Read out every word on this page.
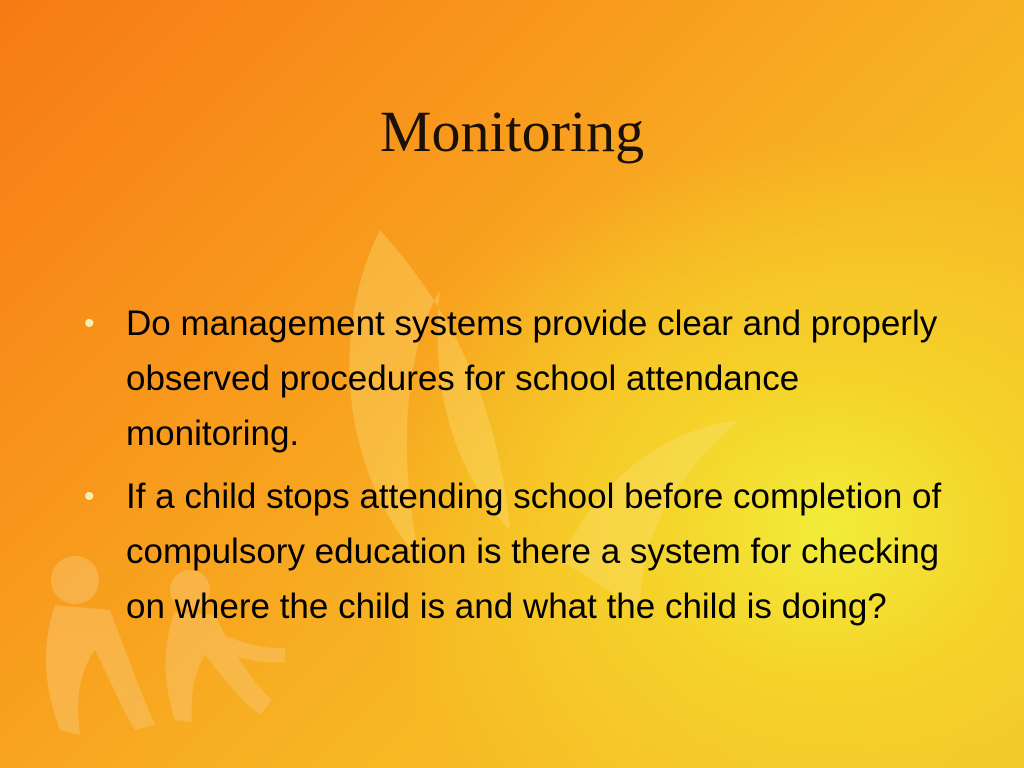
Monitoring
• Do management systems provide clear and properly observed procedures for school attendance monitoring.
• If a child stops attending school before completion of compulsory education is there a system for checking on where the child is and what the child is doing?
